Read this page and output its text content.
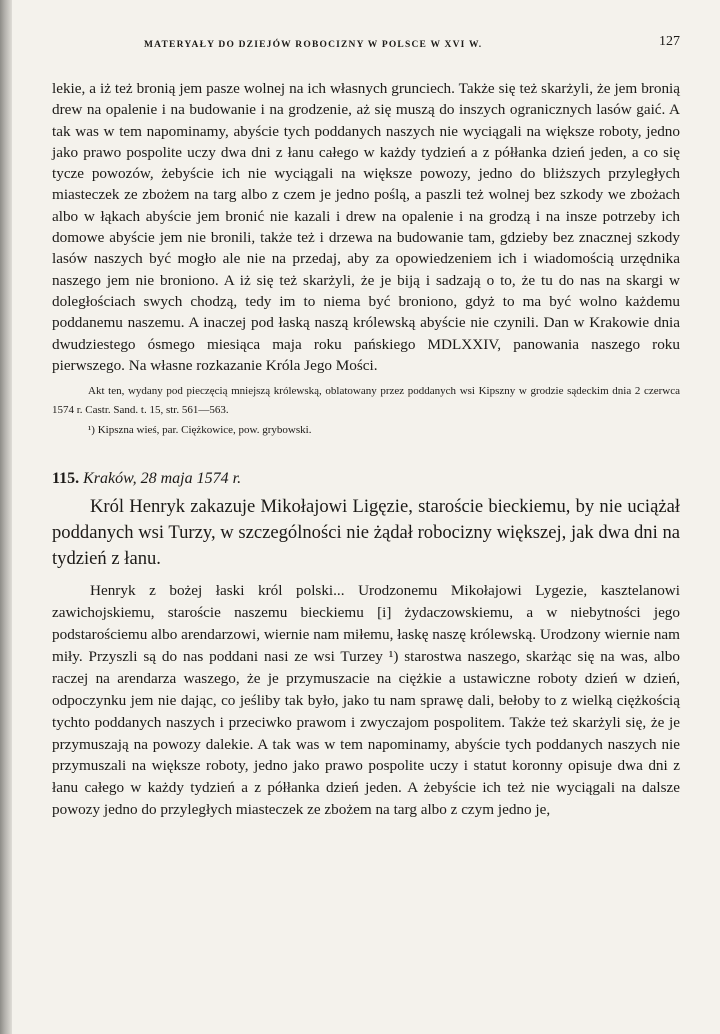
MATERYAŁY DO DZIEJÓW ROBOCIZNY W POLSCE W XVI W.	127

lekie, a iż też bronią jem pasze wolnej na ich własnych grunciech. Także się też skarżyli, że jem bronią drew na opalenie i na budowanie i na grodzenie, aż się muszą do inszych ogranicznych lasów gaić. A tak was w tem napominamy, abyście tych poddanych naszych nie wyciągali na większe roboty, jedno jako prawo pospolite uczy dwa dni z łanu całego w każdy tydzień a z półłanka dzień jeden, a co się tycze powozów, żebyście ich nie wyciągali na większe powozy, jedno do bliższych przyległych miasteczek ze zbożem na targ albo z czem je jedno poślą, a paszli też wolnej bez szkody we zbożach albo w łąkach abyście jem bronić nie kazali i drew na opalenie i na grodzą i na insze potrzeby ich domowe abyście jem nie bronili, także też i drzewa na budowanie tam, gdzieby bez znacznej szkody lasów naszych być mogło ale nie na przedaj, aby za opowiedzeniem ich i wiadomością urzędnika naszego jem nie broniono. A iż się też skarżyli, że je biją i sadzają o to, że tu do nas na skargi w doległościach swych chodzą, tedy im to niema być broniono, gdyż to ma być wolno każdemu poddanemu naszemu. A inaczej pod łaską naszą królewską abyście nie czynili. Dan w Krakowie dnia dwudziestego ósmego miesiąca maja roku pańskiego MDLXXIV, panowania naszego roku pierwszego. Na własne rozkazanie Króla Jego Mości.

Akt ten, wydany pod pieczęcią mniejszą królewską, oblatowany przez poddanych wsi Kipszny w grodzie sądeckim dnia 2 czerwca 1574 r. Castr. Sand. t. 15, str. 561—563.

¹) Kipszna wieś, par. Ciężkowice, pow. grybowski.
115. Kraków, 28 maja 1574 r.

Król Henryk zakazuje Mikołajowi Ligęzie, staroście bieckiemu, by nie uciążał poddanych wsi Turzy, w szczególności nie żądał robocizny większej, jak dwa dni na tydzień z łanu.

Henryk z bożej łaski król polski... Urodzonemu Mikołajowi Lygezie, kasztelanowi zawichojskiemu, staroście naszemu bieckiemu [i] żydaczowskiemu, a w niebytności jego podstarościemu albo arendarzowi, wiernie nam miłemu, łaskę naszę królewską. Urodzony wiernie nam miły. Przyszli są do nas poddani nasi ze wsi Turzey ¹) starostwa naszego, skarżąc się na was, albo raczej na arendarza waszego, że je przymuszacie na ciężkie a ustawiczne roboty dzień w dzień, odpoczynku jem nie dając, co jeśliby tak było, jako tu nam sprawę dali, bełoby to z wielką ciężkością tychto poddanych naszych i przeciwko prawom i zwyczajom pospolitem. Także też skarżyli się, że je przymuszają na powozy dalekie. A tak was w tem napominamy, abyście tych poddanych naszych nie przymuszali na większe roboty, jedno jako prawo pospolite uczy i statut koronny opisuje dwa dni z łanu całego w każdy tydzień a z półłanka dzień jeden. A żebyście ich też nie wyciągali na dalsze powozy jedno do przyległych miasteczek ze zbożem na targ albo z czym jedno je,
